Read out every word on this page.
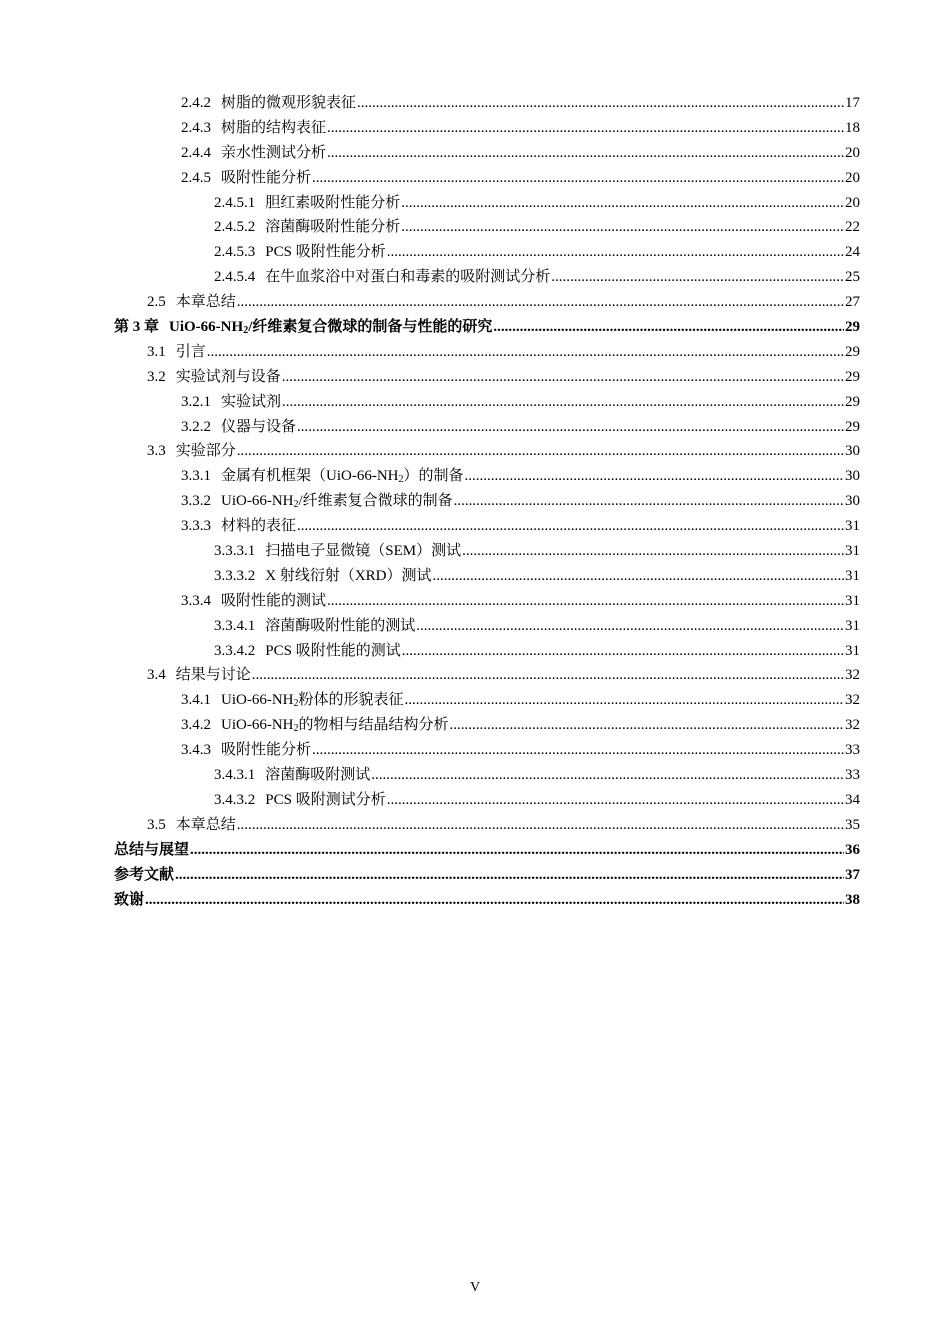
2.4.2 树脂的微观形貌表征 .....	17
2.4.3 树脂的结构表征 .....	18
2.4.4 亲水性测试分析 .....	20
2.4.5 吸附性能分析 .....	20
2.4.5.1 胆红素吸附性能分析 .....	20
2.4.5.2 溶菌酶吸附性能分析 .....	22
2.4.5.3 PCS 吸附性能分析 .....	24
2.4.5.4 在牛血浆浴中对蛋白和毒素的吸附测试分析 .....	25
2.5 本章总结 .....	27
第 3 章 UiO-$66-NH_2/$纤维素复合微球的制备与性能的研究 .....	29
3.1 引言 .....	29
3.2 实验试剂与设备 .....	29
3.2.1 实验试剂 .....	29
3.2.2 仪器与设备 .....	29
3.3 实验部分 .....	30
3.3.1 金属有机框架$(UiO-66-NH_2)$的制备 .....	30
3.3.2 UiO-$66-NH_2/$纤维素复合微球的制备 .....	30
3.3.3 材料的表征 .....	31
3.3.3.1 扫描电子显微镜（SEM）测试 .....	31
3.3.3.2 X 射线衍射（XRD）测试 .....	31
3.3.4 吸附性能的测试 .....	31
3.3.4.1 溶菌酶吸附性能的测试 .....	31
3.3.4.2 PCS 吸附性能的测试 .....	31
3.4 结果与讨论 .....	32
3.4.1 UiO-$66-NH_2$粉体的形貌表征 .....	32
3.4.2 UiO-$66-NH_2$的物相与结晶结构分析 .....	32
3.4.3 吸附性能分析 .....	33
3.4.3.1 溶菌酶吸附测试 .....	33
3.4.3.2 PCS 吸附测试分析 .....	34
3.5 本章总结 .....	35
总结与展望 .....	36
参考文献 .....	37
致谢 .....	38
V
